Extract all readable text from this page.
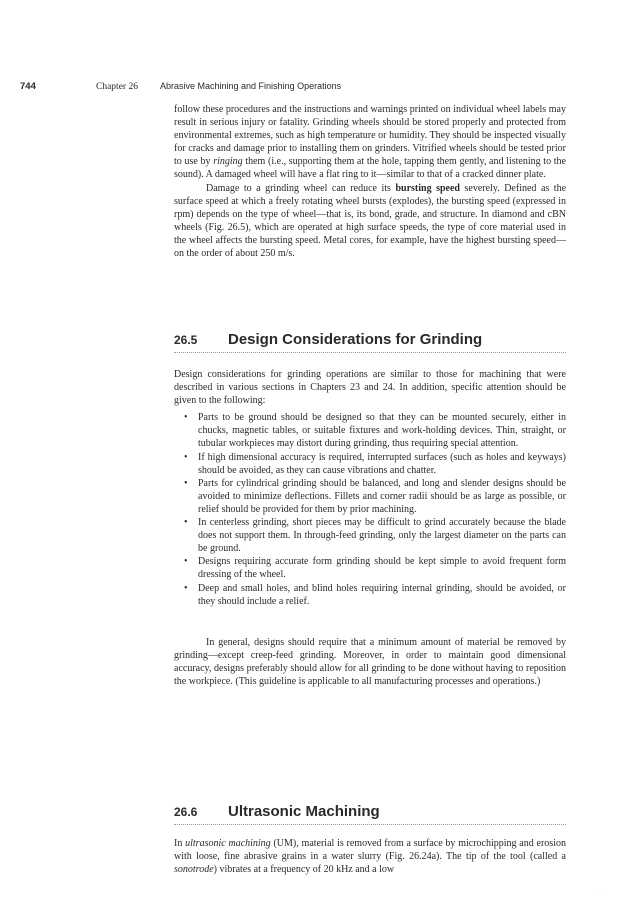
744	Chapter 26 Abrasive Machining and Finishing Operations

follow these procedures and the instructions and warnings printed on individual wheel labels may result in serious injury or fatality. Grinding wheels should be stored properly and protected from environmental extremes, such as high temperature or humidity. They should be inspected visually for cracks and damage prior to installing them on grinders. Vitrified wheels should be tested prior to use by ringing them (i.e., supporting them at the hole, tapping them gently, and listening to the sound). A damaged wheel will have a flat ring to it—similar to that of a cracked dinner plate.

Damage to a grinding wheel can reduce its bursting speed severely. Defined as the surface speed at which a freely rotating wheel bursts (explodes), the bursting speed (expressed in rpm) depends on the type of wheel—that is, its bond, grade, and structure. In diamond and cBN wheels (Fig. 26.5), which are operated at high surface speeds, the type of core material used in the wheel affects the bursting speed. Metal cores, for example, have the highest bursting speed—on the order of about 250 m/s.

26.5 Design Considerations for Grinding

Design considerations for grinding operations are similar to those for machining that were described in various sections in Chapters 23 and 24. In addition, specific attention should be given to the following:

• Parts to be ground should be designed so that they can be mounted securely, either in chucks, magnetic tables, or suitable fixtures and work-holding devices. Thin, straight, or tubular workpieces may distort during grinding, thus requiring special attention.
• If high dimensional accuracy is required, interrupted surfaces (such as holes and keyways) should be avoided, as they can cause vibrations and chatter.
• Parts for cylindrical grinding should be balanced, and long and slender designs should be avoided to minimize deflections. Fillets and corner radii should be as large as possible, or relief should be provided for them by prior machining.
• In centerless grinding, short pieces may be difficult to grind accurately because the blade does not support them. In through-feed grinding, only the largest diameter on the parts can be ground.
• Designs requiring accurate form grinding should be kept simple to avoid frequent form dressing of the wheel.
• Deep and small holes, and blind holes requiring internal grinding, should be avoided, or they should include a relief.

In general, designs should require that a minimum amount of material be removed by grinding—except creep-feed grinding. Moreover, in order to maintain good dimensional accuracy, designs preferably should allow for all grinding to be done without having to reposition the workpiece. (This guideline is applicable to all manufacturing processes and operations.)

26.6 Ultrasonic Machining

In ultrasonic machining (UM), material is removed from a surface by microchipping and erosion with loose, fine abrasive grains in a water slurry (Fig. 26.24a). The tip of the tool (called a sonotrode) vibrates at a frequency of 20 kHz and a low

.
